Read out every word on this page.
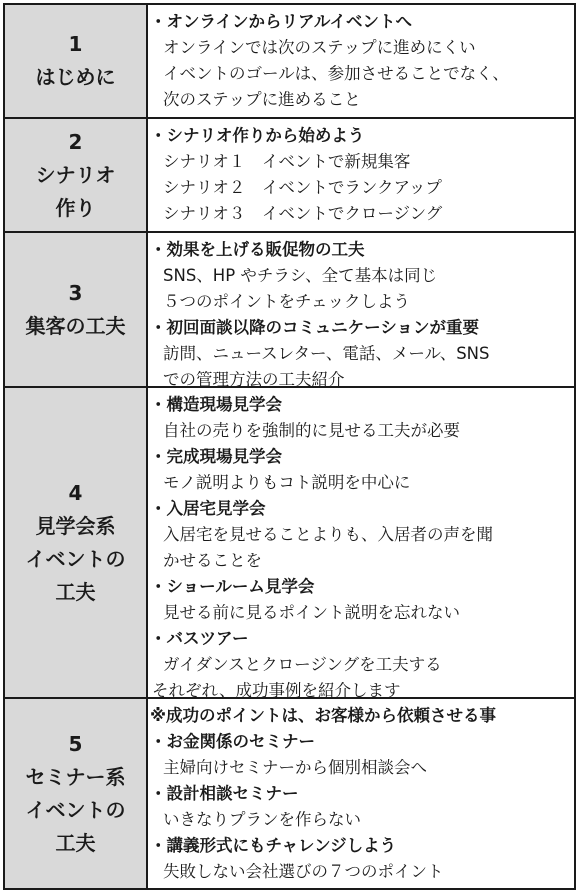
1
はじめに
・オンラインからリアルイベントへ
オンラインでは次のステップに進めにくい
イベントのゴールは、参加させることでなく、
次のステップに進めること
2
シナリオ
作り
・シナリオ作りから始めよう
シナリオ１　イベントで新規集客
シナリオ２　イベントでランクアップ
シナリオ３　イベントでクロージング
3
集客の工夫
・効果を上げる販促物の工夫
SNS、HP やチラシ、全て基本は同じ
５つのポイントをチェックしよう
・初回面談以降のコミュニケーションが重要
訪問、ニュースレター、電話、メール、SNS
での管理方法の工夫紹介
4
見学会系
イベントの
工夫
・構造現場見学会
自社の売りを強制的に見せる工夫が必要
・完成現場見学会
モノ説明よりもコト説明を中心に
・入居宅見学会
入居宅を見せることよりも、入居者の声を聞
かせることを
・ショールーム見学会
見せる前に見るポイント説明を忘れない
・バスツアー
ガイダンスとクロージングを工夫する
それぞれ、成功事例を紹介します
5
セミナー系
イベントの
工夫
※成功のポイントは、お客様から依頼させる事
・お金関係のセミナー
主婦向けセミナーから個別相談会へ
・設計相談セミナー
いきなりプランを作らない
・講義形式にもチャレンジしよう
失敗しない会社選びの７つのポイント
